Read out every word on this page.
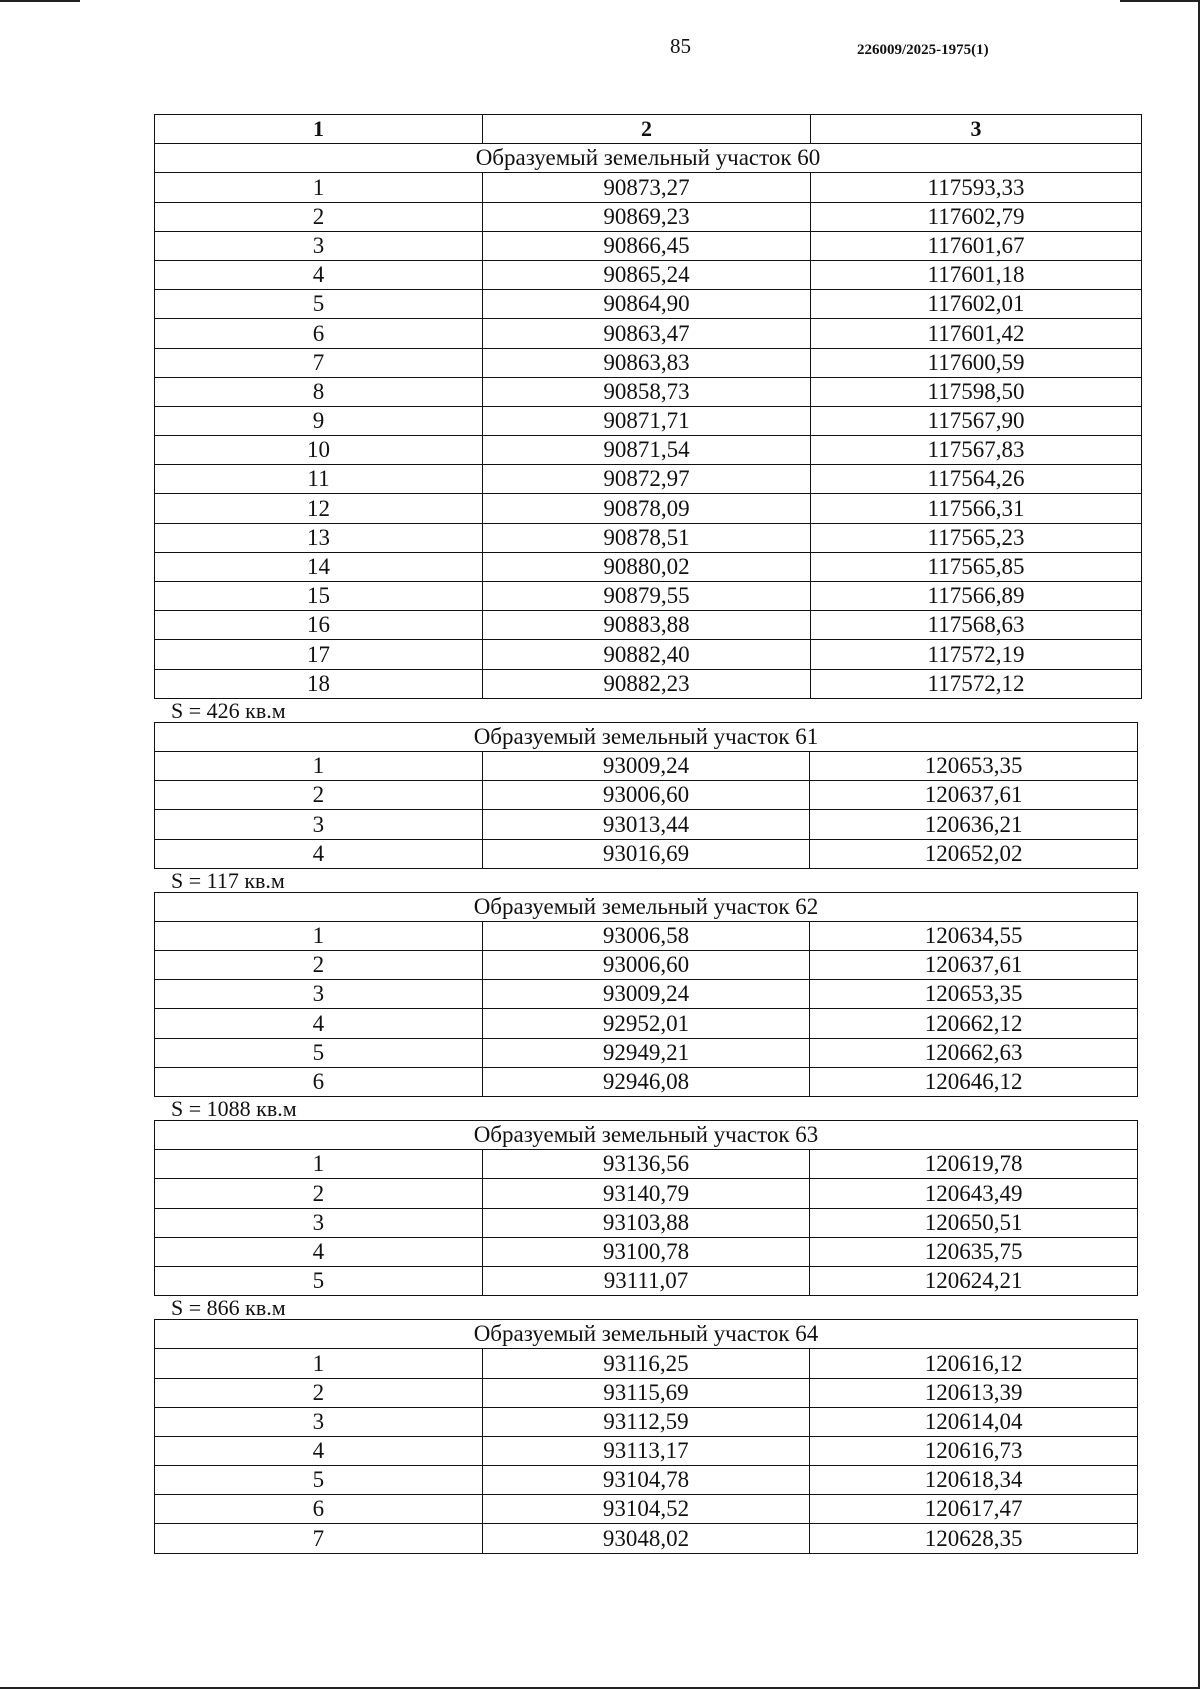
85	226009/2025-1975(1)
1	2	3
Образуемый земельный участок 60		
1	90873,27	117593,33
2	90869,23	117602,79
3	90866,45	117601,67
4	90865,24	117601,18
5	90864,90	117602,01
6	90863,47	117601,42
7	90863,83	117600,59
8	90858,73	117598,50
9	90871,71	117567,90
10	90871,54	117567,83
11	90872,97	117564,26
12	90878,09	117566,31
13	90878,51	117565,23
14	90880,02	117565,85
15	90879,55	117566,89
16	90883,88	117568,63
17	90882,40	117572,19
18	90882,23	117572,12
S = 426 кв.м
Образуемый земельный участок 61		
1	93009,24	120653,35
2	93006,60	120637,61
3	93013,44	120636,21
4	93016,69	120652,02
S = 117 кв.м
Образуемый земельный участок 62		
1	93006,58	120634,55
2	93006,60	120637,61
3	93009,24	120653,35
4	92952,01	120662,12
5	92949,21	120662,63
6	92946,08	120646,12
S = 1088 кв.м
Образуемый земельный участок 63		
1	93136,56	120619,78
2	93140,79	120643,49
3	93103,88	120650,51
4	93100,78	120635,75
5	93111,07	120624,21
S = 866 кв.м
Образуемый земельный участок 64		
1	93116,25	120616,12
2	93115,69	120613,39
3	93112,59	120614,04
4	93113,17	120616,73
5	93104,78	120618,34
6	93104,52	120617,47
7	93048,02	120628,35
